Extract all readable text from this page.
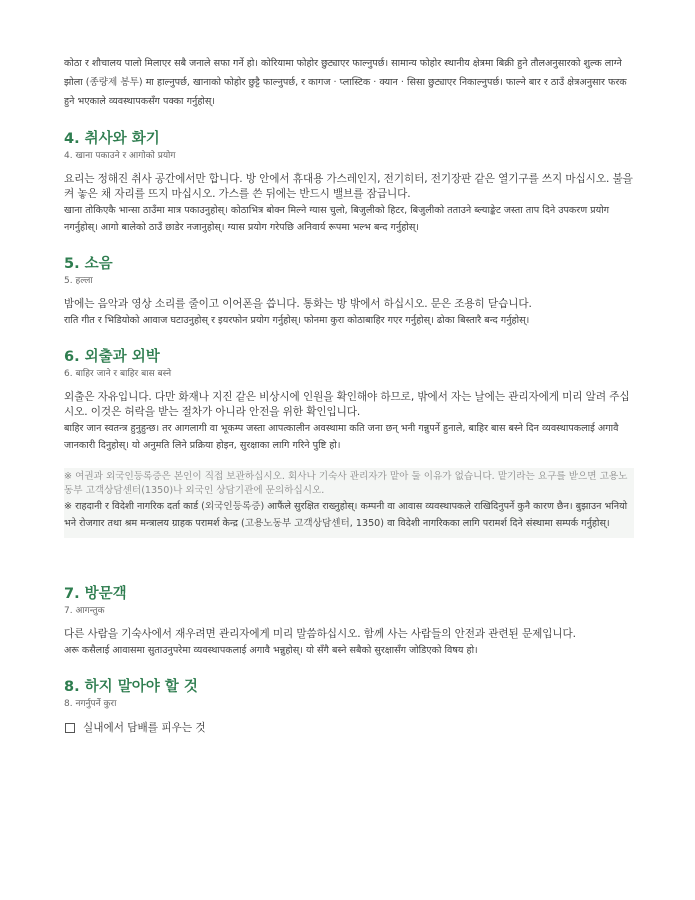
कोठा र शौचालय पालो मिलाएर सबै जनाले सफा गर्ने हो। कोरियामा फोहोर छुट्याएर फाल्नुपर्छ। सामान्य फोहोर स्थानीय क्षेत्रमा बिक्री हुने तौलअनुसारको शुल्क लाग्ने झोला (종량제 봉투) मा हाल्नुपर्छ, खानाको फोहोर छुट्टै फाल्नुपर्छ, र कागज · प्लास्टिक · क्यान · सिसा छुट्याएर निकाल्नुपर्छ। फाल्ने बार र ठाउँ क्षेत्रअनुसार फरक हुने भएकाले व्यवस्थापकसँग पक्का गर्नुहोस्।

4. 취사와 화기
4. खाना पकाउने र आगोको प्रयोग

요리는 정해진 취사 공간에서만 합니다. 방 안에서 휴대용 가스레인지, 전기히터, 전기장판 같은 열기구를 쓰지 마십시오. 불을 켜 놓은 채 자리를 뜨지 마십시오. 가스를 쓴 뒤에는 반드시 밸브를 잠급니다.

खाना तोकिएकै भान्सा ठाउँमा मात्र पकाउनुहोस्। कोठाभित्र बोक्न मिल्ने ग्यास चुलो, बिजुलीको हिटर, बिजुलीको तताउने ब्ल्याङ्केट जस्ता ताप दिने उपकरण प्रयोग नगर्नुहोस्। आगो बालेको ठाउँ छाडेर नजानुहोस्। ग्यास प्रयोग गरेपछि अनिवार्य रूपमा भल्भ बन्द गर्नुहोस्।

5. 소음
5. हल्ला

밤에는 음악과 영상 소리를 줄이고 이어폰을 씁니다. 통화는 방 밖에서 하십시오. 문은 조용히 닫습니다.

राति गीत र भिडियोको आवाज घटाउनुहोस् र इयरफोन प्रयोग गर्नुहोस्। फोनमा कुरा कोठाबाहिर गएर गर्नुहोस्। ढोका बिस्तारै बन्द गर्नुहोस्।

6. 외출과 외박
6. बाहिर जाने र बाहिर बास बस्ने

외출은 자유입니다. 다만 화재나 지진 같은 비상시에 인원을 확인해야 하므로, 밖에서 자는 날에는 관리자에게 미리 알려 주십시오. 이것은 허락을 받는 절차가 아니라 안전을 위한 확인입니다.

बाहिर जान स्वतन्त्र हुनुहुन्छ। तर आगलागी वा भूकम्प जस्ता आपत्कालीन अवस्थामा कति जना छन् भनी गन्नुपर्ने हुनाले, बाहिर बास बस्ने दिन व्यवस्थापकलाई अगावै जानकारी दिनुहोस्। यो अनुमति लिने प्रक्रिया होइन, सुरक्षाका लागि गरिने पुष्टि हो।

※ 여권과 외국인등록증은 본인이 직접 보관하십시오. 회사나 기숙사 관리자가 맡아 둘 이유가 없습니다. 맡기라는 요구를 받으면 고용노동부 고객상담센터(1350)나 외국인 상담기관에 문의하십시오.

※ राहदानी र विदेशी नागरिक दर्ता कार्ड (외국인등록증) आफैंले सुरक्षित राख्नुहोस्। कम्पनी वा आवास व्यवस्थापकले राखिदिनुपर्ने कुनै कारण छैन। बुझाउन भनियो भने रोजगार तथा श्रम मन्त्रालय ग्राहक परामर्श केन्द्र (고용노동부 고객상담센터, 1350) वा विदेशी नागरिकका लागि परामर्श दिने संस्थामा सम्पर्क गर्नुहोस्।

7. 방문객
7. आगन्तुक

다른 사람을 기숙사에서 재우려면 관리자에게 미리 말씀하십시오. 함께 사는 사람들의 안전과 관련된 문제입니다.

अरू कसैलाई आवासमा सुताउनुपरेमा व्यवस्थापकलाई अगावै भन्नुहोस्। यो सँगै बस्ने सबैको सुरक्षासँग जोडिएको विषय हो।

8. 하지 말아야 할 것
8. नगर्नुपर्ने कुरा
실내에서 담배를 피우는 것
